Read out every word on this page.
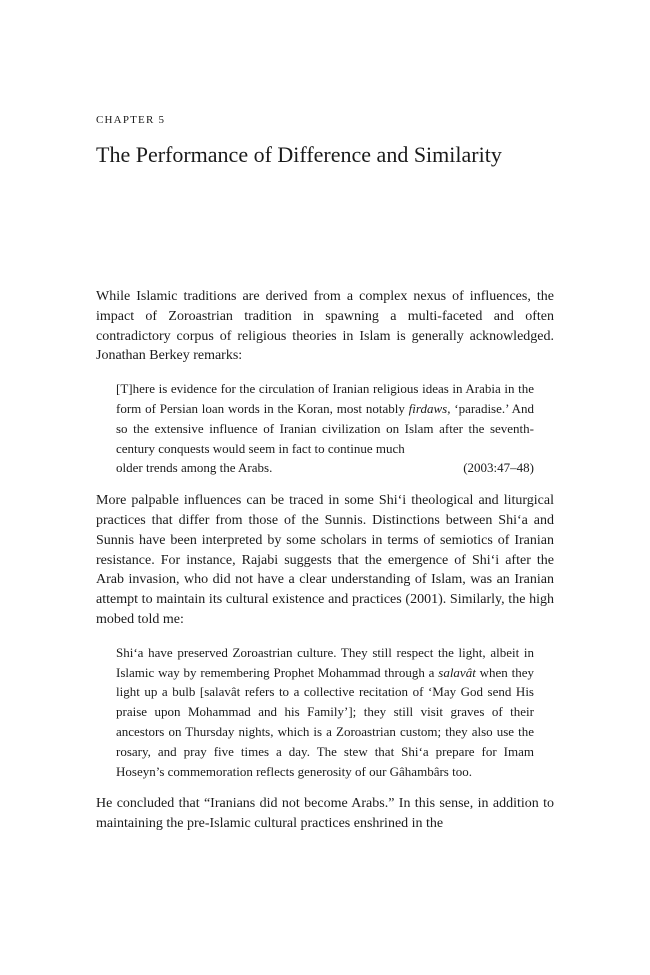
CHAPTER 5

The Performance of Difference and Similarity

While Islamic traditions are derived from a complex nexus of influences, the impact of Zoroastrian tradition in spawning a multi-faceted and often contradictory corpus of religious theories in Islam is generally acknowledged. Jonathan Berkey remarks:

[T]here is evidence for the circulation of Iranian religious ideas in Arabia in the form of Persian loan words in the Koran, most notably firdaws, ‘paradise.’ And so the extensive influence of Iranian civilization on Islam after the seventh-century conquests would seem in fact to continue much

older trends among the Arabs.	(2003:47–48)

More palpable influences can be traced in some Shi‘i theological and liturgical practices that differ from those of the Sunnis. Distinctions between Shi‘a and Sunnis have been interpreted by some scholars in terms of semiotics of Iranian resistance. For instance, Rajabi suggests that the emergence of Shi‘i after the Arab invasion, who did not have a clear understanding of Islam, was an Iranian attempt to maintain its cultural existence and practices (2001). Similarly, the high mobed told me:

Shi‘a have preserved Zoroastrian culture. They still respect the light, albeit in Islamic way by remembering Prophet Mohammad through a salavât when they light up a bulb [salavât refers to a collective recitation of ‘May God send His praise upon Mohammad and his Family’]; they still visit graves of their ancestors on Thursday nights, which is a Zoroastrian custom; they also use the rosary, and pray five times a day. The stew that Shi‘a prepare for Imam Hoseyn’s commemoration reflects generosity of our Gâhambârs too.

He concluded that “Iranians did not become Arabs.” In this sense, in addition to maintaining the pre-Islamic cultural practices enshrined in the
